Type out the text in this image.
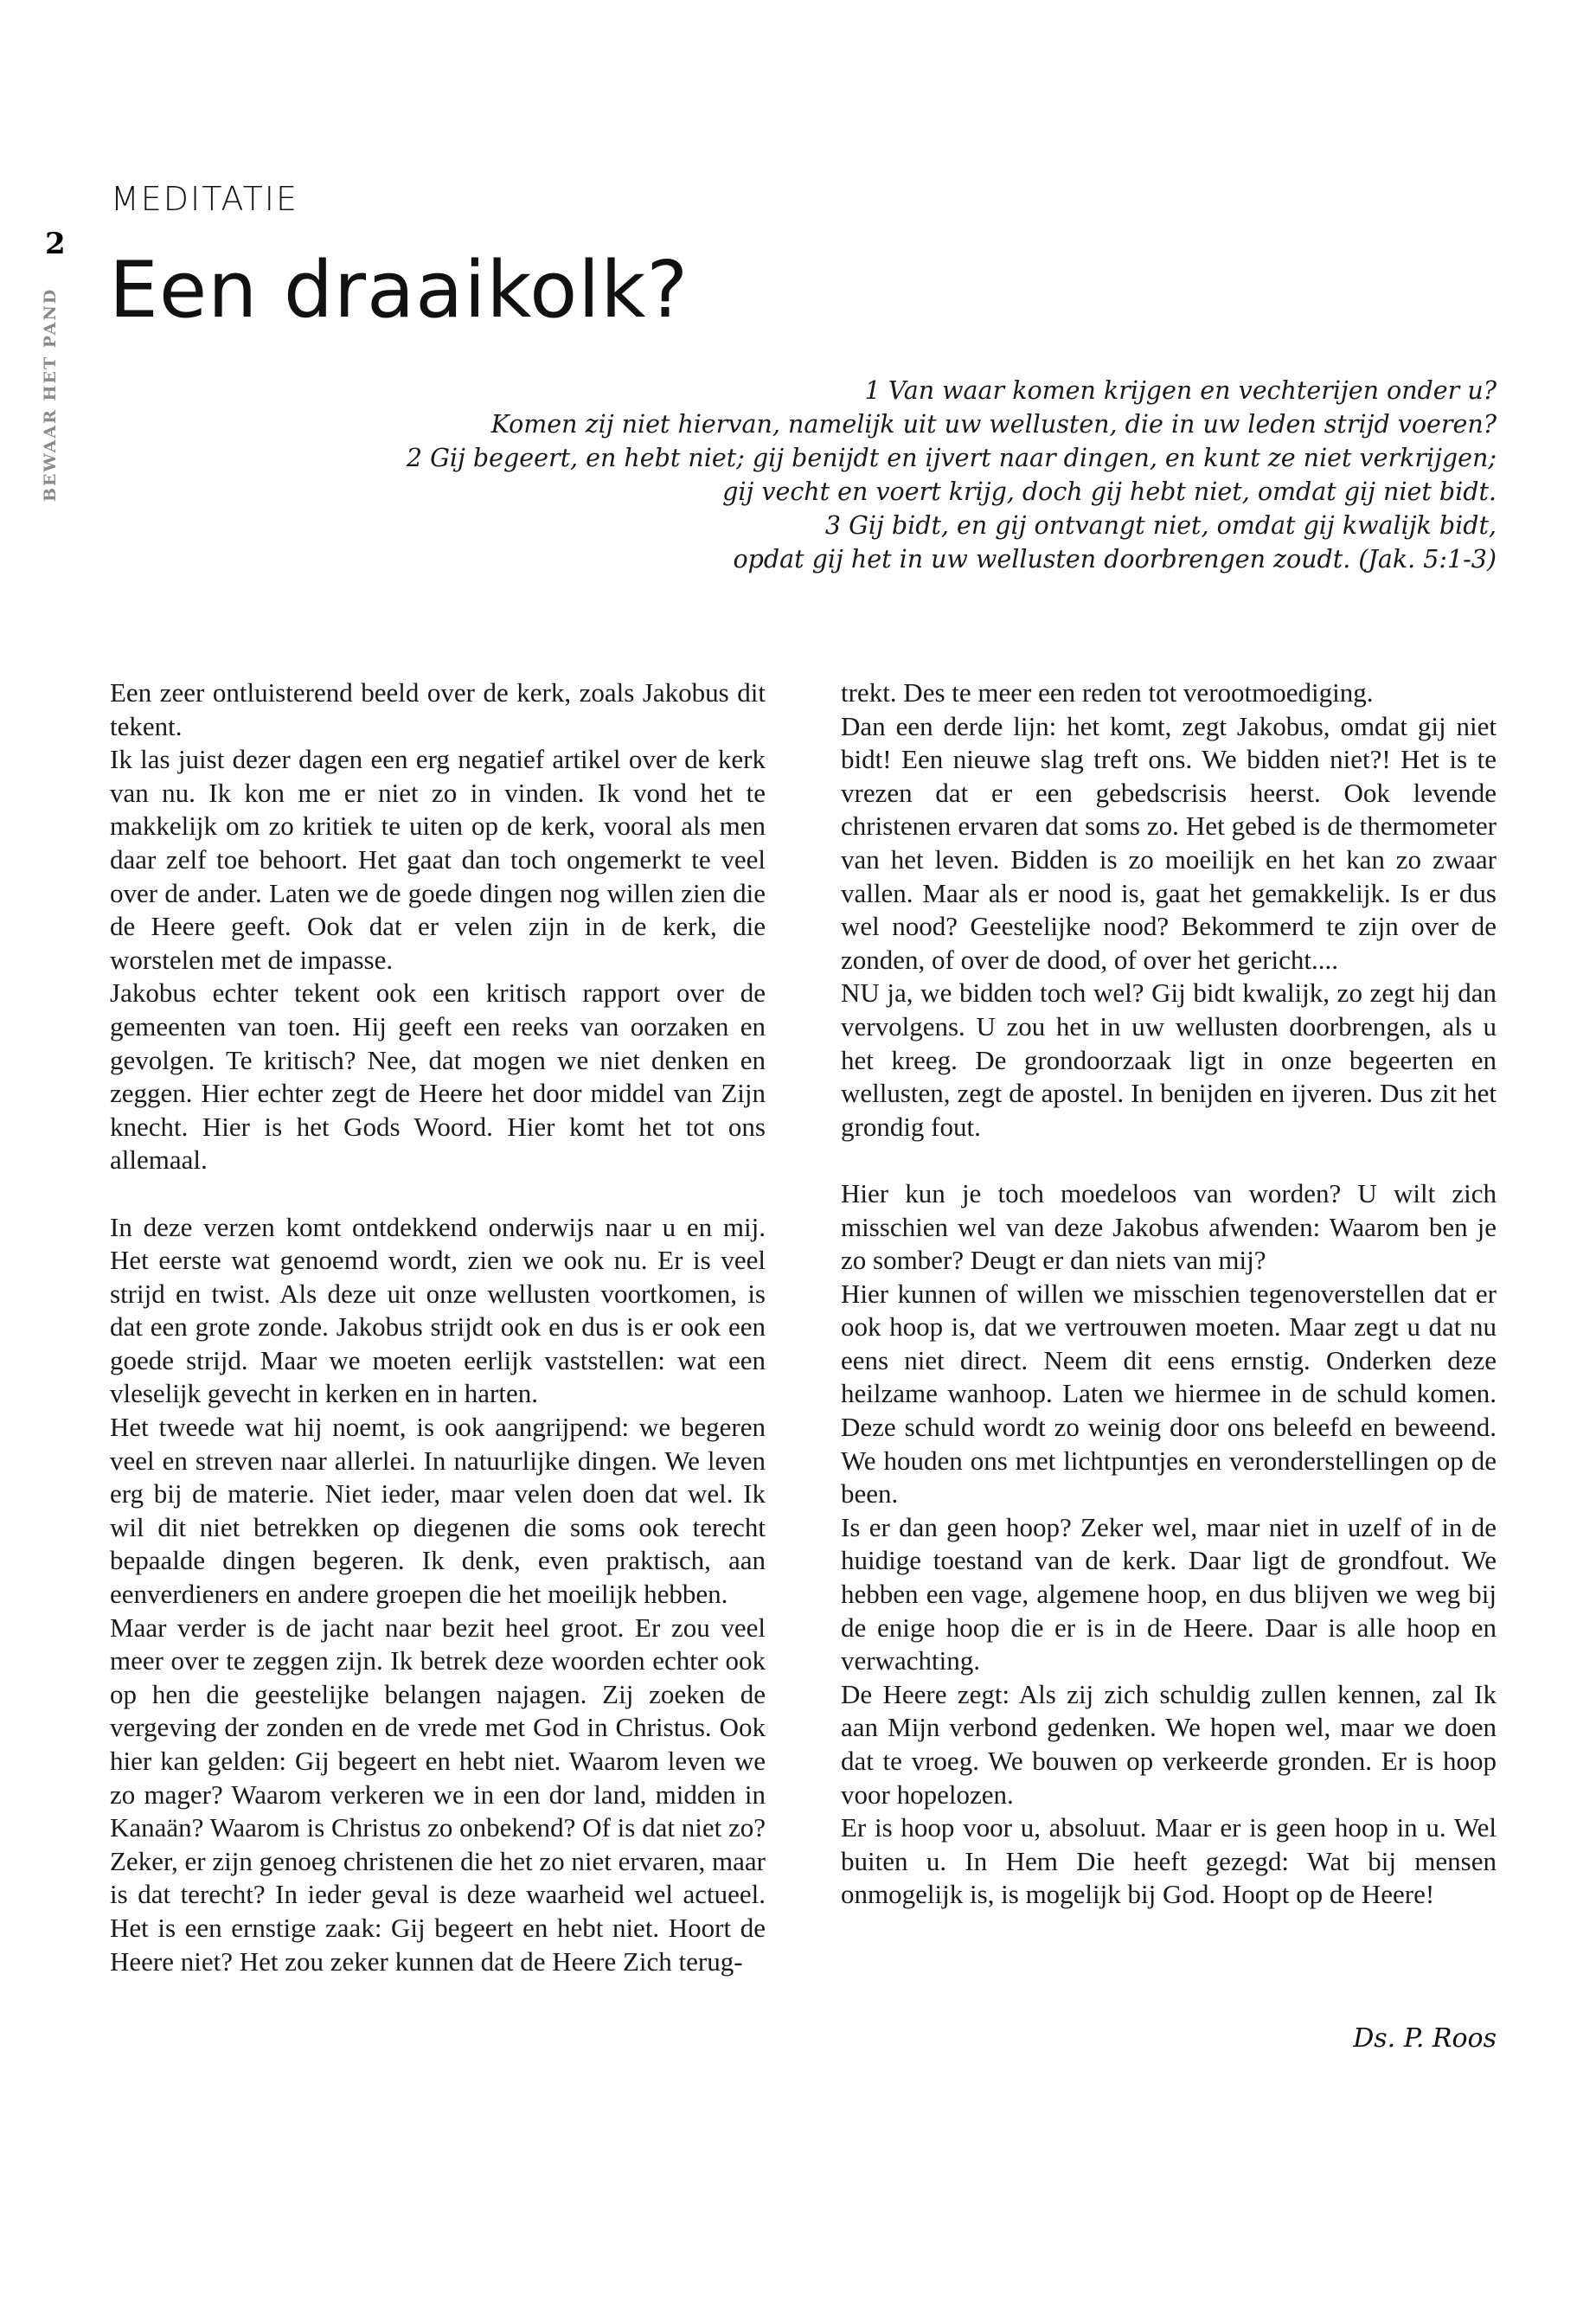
2
BEWAAR HET PAND
MEDITATIE
Een draaikolk?
1 Van waar komen krijgen en vechterijen onder u?
Komen zij niet hiervan, namelijk uit uw wellusten, die in uw leden strijd voeren?
2 Gij begeert, en hebt niet; gij benijdt en ijvert naar dingen, en kunt ze niet verkrijgen;
gij vecht en voert krijg, doch gij hebt niet, omdat gij niet bidt.
3 Gij bidt, en gij ontvangt niet, omdat gij kwalijk bidt,
opdat gij het in uw wellusten doorbrengen zoudt. (Jak. 5:1-3)

Een zeer ontluisterend beeld over de kerk, zoals Jakobus dit tekent.

Ik las juist dezer dagen een erg negatief artikel over de kerk van nu. Ik kon me er niet zo in vinden. Ik vond het te makkelijk om zo kritiek te uiten op de kerk, vooral als men daar zelf toe behoort. Het gaat dan toch ongemerkt te veel over de ander. Laten we de goede dingen nog willen zien die de Heere geeft. Ook dat er velen zijn in de kerk, die worstelen met de impasse.

Jakobus echter tekent ook een kritisch rapport over de gemeenten van toen. Hij geeft een reeks van oorzaken en gevolgen. Te kritisch? Nee, dat mogen we niet denken en zeggen. Hier echter zegt de Heere het door middel van Zijn knecht. Hier is het Gods Woord. Hier komt het tot ons allemaal.

In deze verzen komt ontdekkend onderwijs naar u en mij. Het eerste wat genoemd wordt, zien we ook nu. Er is veel strijd en twist. Als deze uit onze wellusten voortkomen, is dat een grote zonde. Jakobus strijdt ook en dus is er ook een goede strijd. Maar we moeten eerlijk vaststellen: wat een vleselijk gevecht in kerken en in harten.

Het tweede wat hij noemt, is ook aangrijpend: we begeren veel en streven naar allerlei. In natuurlijke dingen. We leven erg bij de materie. Niet ieder, maar velen doen dat wel. Ik wil dit niet betrekken op diegenen die soms ook terecht bepaalde dingen begeren. Ik denk, even praktisch, aan eenverdieners en andere groepen die het moeilijk hebben.

Maar verder is de jacht naar bezit heel groot. Er zou veel meer over te zeggen zijn. Ik betrek deze woorden echter ook op hen die geestelijke belangen najagen. Zij zoeken de vergeving der zonden en de vrede met God in Christus. Ook hier kan gelden: Gij begeert en hebt niet. Waarom leven we zo mager? Waarom verkeren we in een dor land, midden in Kanaän? Waarom is Christus zo onbekend? Of is dat niet zo? Zeker, er zijn genoeg christenen die het zo niet ervaren, maar is dat terecht? In ieder geval is deze waarheid wel actueel. Het is een ernstige zaak: Gij begeert en hebt niet. Hoort de Heere niet? Het zou zeker kunnen dat de Heere Zich terug-

trekt. Des te meer een reden tot verootmoediging.

Dan een derde lijn: het komt, zegt Jakobus, omdat gij niet bidt! Een nieuwe slag treft ons. We bidden niet?! Het is te vrezen dat er een gebedscrisis heerst. Ook levende christenen ervaren dat soms zo. Het gebed is de thermometer van het leven. Bidden is zo moeilijk en het kan zo zwaar vallen. Maar als er nood is, gaat het gemakkelijk. Is er dus wel nood? Geestelijke nood? Bekommerd te zijn over de zonden, of over de dood, of over het gericht....

NU ja, we bidden toch wel? Gij bidt kwalijk, zo zegt hij dan vervolgens. U zou het in uw wellusten doorbrengen, als u het kreeg. De grondoorzaak ligt in onze begeerten en wellusten, zegt de apostel. In benijden en ijveren. Dus zit het grondig fout.

Hier kun je toch moedeloos van worden? U wilt zich misschien wel van deze Jakobus afwenden: Waarom ben je zo somber? Deugt er dan niets van mij?

Hier kunnen of willen we misschien tegenoverstellen dat er ook hoop is, dat we vertrouwen moeten. Maar zegt u dat nu eens niet direct. Neem dit eens ernstig. Onderken deze heilzame wanhoop. Laten we hiermee in de schuld komen. Deze schuld wordt zo weinig door ons beleefd en beweend. We houden ons met lichtpuntjes en veronderstellingen op de been.

Is er dan geen hoop? Zeker wel, maar niet in uzelf of in de huidige toestand van de kerk. Daar ligt de grondfout. We hebben een vage, algemene hoop, en dus blijven we weg bij de enige hoop die er is in de Heere. Daar is alle hoop en verwachting.

De Heere zegt: Als zij zich schuldig zullen kennen, zal Ik aan Mijn verbond gedenken. We hopen wel, maar we doen dat te vroeg. We bouwen op verkeerde gronden. Er is hoop voor hopelozen.

Er is hoop voor u, absoluut. Maar er is geen hoop in u. Wel buiten u. In Hem Die heeft gezegd: Wat bij mensen onmogelijk is, is mogelijk bij God. Hoopt op de Heere!

Ds. P. Roos
